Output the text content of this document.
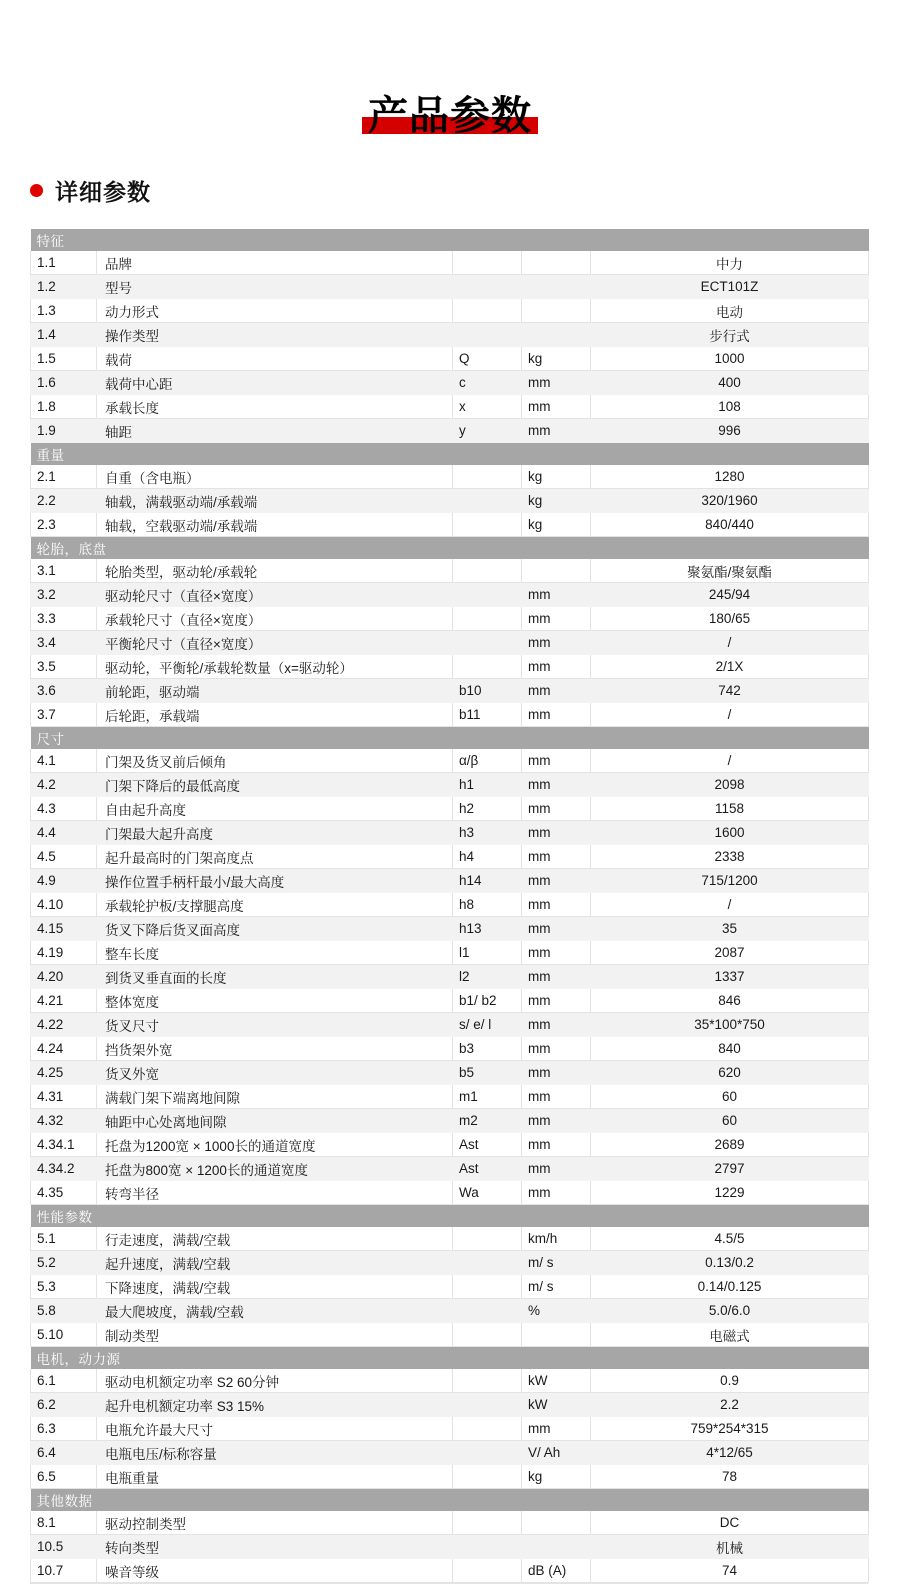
产品参数
详细参数
特征				
1.1	品牌			中力
1.2	型号			ECT101Z
1.3	动力形式			电动
1.4	操作类型			步行式
1.5	载荷	Q	kg	1000
1.6	载荷中心距	c	mm	400
1.8	承载长度	x	mm	108
1.9	轴距	y	mm	996
重量				
2.1	自重（含电瓶）		kg	1280
2.2	轴载，满载驱动端/承载端		kg	320/1960
2.3	轴载，空载驱动端/承载端		kg	840/440
轮胎，底盘				
3.1	轮胎类型，驱动轮/承载轮			聚氨酯/聚氨酯
3.2	驱动轮尺寸（直径×宽度）		mm	245/94
3.3	承载轮尺寸（直径×宽度）		mm	180/65
3.4	平衡轮尺寸（直径×宽度）		mm	/
3.5	驱动轮，平衡轮/承载轮数量（x=驱动轮）		mm	2/1X
3.6	前轮距，驱动端	b10	mm	742
3.7	后轮距，承载端	b11	mm	/
尺寸				
4.1	门架及货叉前后倾角	α/β	mm	/
4.2	门架下降后的最低高度	h1	mm	2098
4.3	自由起升高度	h2	mm	1158
4.4	门架最大起升高度	h3	mm	1600
4.5	起升最高时的门架高度点	h4	mm	2338
4.9	操作位置手柄杆最小/最大高度	h14	mm	715/1200
4.10	承载轮护板/支撑腿高度	h8	mm	/
4.15	货叉下降后货叉面高度	h13	mm	35
4.19	整车长度	l1	mm	2087
4.20	到货叉垂直面的长度	l2	mm	1337
4.21	整体宽度	b1/ b2	mm	846
4.22	货叉尺寸	s/ e/ l	mm	35*100*750
4.24	挡货架外宽	b3	mm	840
4.25	货叉外宽	b5	mm	620
4.31	满载门架下端离地间隙	m1	mm	60
4.32	轴距中心处离地间隙	m2	mm	60
4.34.1	托盘为1200宽 × 1000长的通道宽度	Ast	mm	2689
4.34.2	托盘为800宽 × 1200长的通道宽度	Ast	mm	2797
4.35	转弯半径	Wa	mm	1229
性能参数				
5.1	行走速度，满载/空载		km/h	4.5/5
5.2	起升速度，满载/空载		m/ s	0.13/0.2
5.3	下降速度，满载/空载		m/ s	0.14/0.125
5.8	最大爬坡度，满载/空载		%	5.0/6.0
5.10	制动类型			电磁式
电机，动力源				
6.1	驱动电机额定功率 S2 60分钟		kW	0.9
6.2	起升电机额定功率 S3 15%		kW	2.2
6.3	电瓶允许最大尺寸		mm	759*254*315
6.4	电瓶电压/标称容量		V/ Ah	4*12/65
6.5	电瓶重量		kg	78
其他数据				
8.1	驱动控制类型			DC
10.5	转向类型			机械
10.7	噪音等级		dB (A)	74
